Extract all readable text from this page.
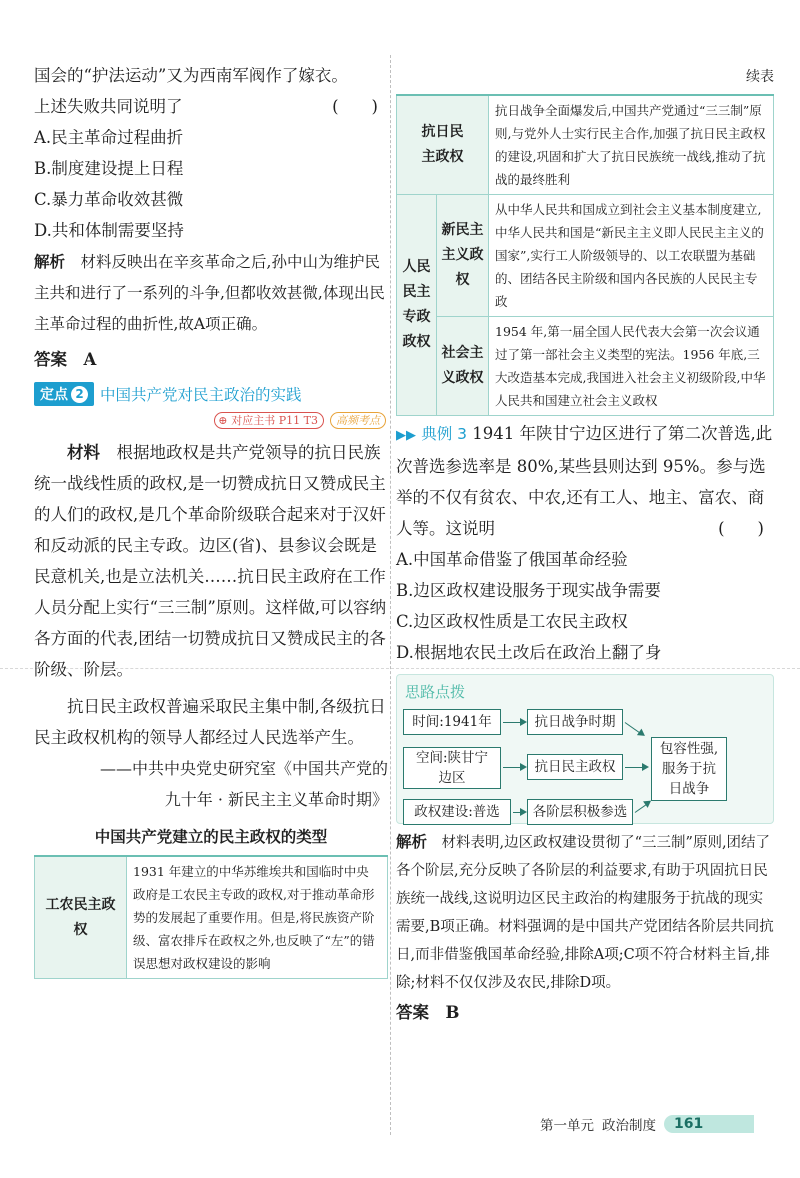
国会的“护法运动”又为西南军阀作了嫁衣。
上述失败共同说明了	(　　)
A.民主革命过程曲折
B.制度建设提上日程
C.暴力革命收效甚微
D.共和体制需要坚持
解析　材料反映出在辛亥革命之后,孙中山为维护民主共和进行了一系列的斗争,但都收效甚微,体现出民主革命过程的曲折性,故A项正确。
答案　 A
定点 2 中国共产党对民主政治的实践
⊕ 对应主书 P11 T3	高频考点
材料　根据地政权是共产党领导的抗日民族统一战线性质的政权,是一切赞成抗日又赞成民主的人们的政权,是几个革命阶级联合起来对于汉奸和反动派的民主专政。边区(省)、县参议会既是民意机关,也是立法机关……抗日民主政府在工作人员分配上实行“三三制”原则。这样做,可以容纳各方面的代表,团结一切赞成抗日又赞成民主的各阶级、阶层。
抗日民主政权普遍采取民主集中制,各级抗日民主政权机构的领导人都经过人民选举产生。
——中共中央党史研究室《中国共产党的
九十年 · 新民主主义革命时期》
中国共产党建立的民主政权的类型
工农民主政权	1931 年建立的中华苏维埃共和国临时中央政府是工农民主专政的政权,对于推动革命形势的发展起了重要作用。但是,将民族资产阶级、富农排斥在政权之外,也反映了“左”的错误思想对政权建设的影响
续表
抗日民主政权		抗日战争全面爆发后,中国共产党通过“三三制”原则,与党外人士实行民主合作,加强了抗日民主政权的建设,巩固和扩大了抗日民族统一战线,推动了抗战的最终胜利
人民民主专政政权	新民主主义政权	从中华人民共和国成立到社会主义基本制度建立,中华人民共和国是“新民主主义即人民民主主义的国家”,实行工人阶级领导的、以工农联盟为基础的、团结各民主阶级和国内各民族的人民民主专政
	社会主义政权	1954 年,第一届全国人民代表大会第一次会议通过了第一部社会主义类型的宪法。1956 年底,三大改造基本完成,我国进入社会主义初级阶段,中华人民共和国建立社会主义政权
▶▶ 典例 3 1941 年陕甘宁边区进行了第二次普选,此次普选参选率是 80%,某些县则达到 95%。参与选举的不仅有贫农、中农,还有工人、地主、富农、商人等。这说明	(　　)
A.中国革命借鉴了俄国革命经验
B.边区政权建设服务于现实战争需要
C.边区政权性质是工农民主政权
D.根据地农民土改后在政治上翻了身
思路点拨
时间:1941年	抗日战争时期
空间:陕甘宁边区
抗日民主政权
政权建设:普选	各阶层积极参选
包容性强,服务于抗日战争
解析　材料表明,边区政权建设贯彻了“三三制”原则,团结了各个阶层,充分反映了各阶层的利益要求,有助于巩固抗日民族统一战线,这说明边区民主政治的构建服务于抗战的现实需要,B项正确。材料强调的是中国共产党团结各阶层共同抗日,而非借鉴俄国革命经验,排除A项;C项不符合材料主旨,排除;材料不仅仅涉及农民,排除D项。
答案　 B
第一单元 政治制度	161
